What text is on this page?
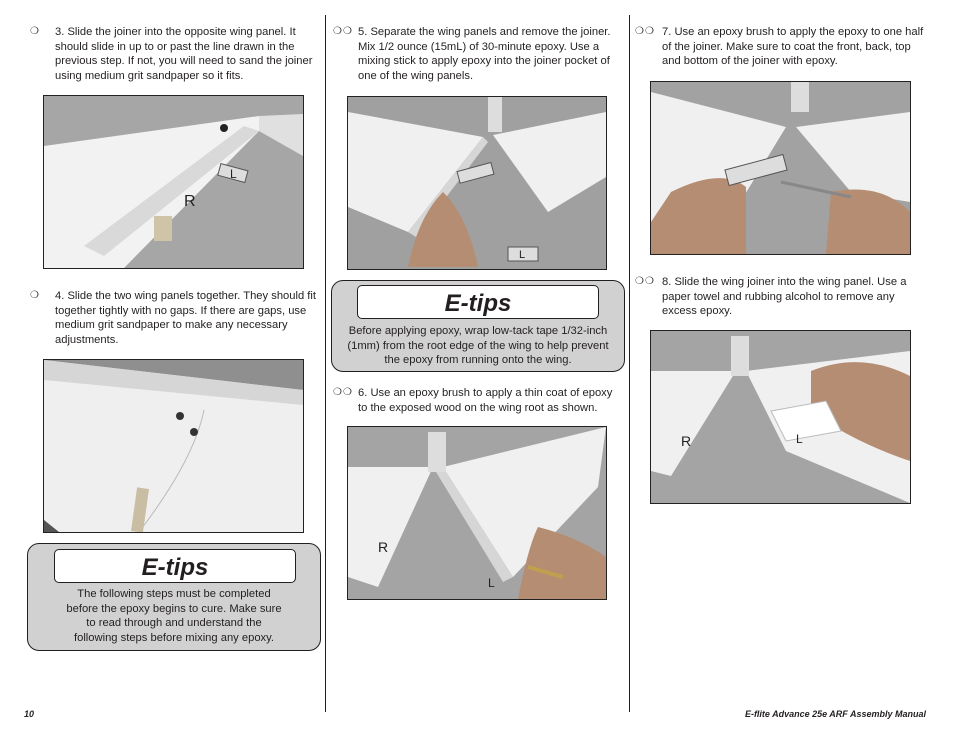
❍ 3. Slide the joiner into the opposite wing panel. It should slide in up to or past the line drawn in the previous step. If not, you will need to sand the joiner using medium grit sandpaper so it fits.
R
L
❍ 4. Slide the two wing panels together. They should fit together tightly with no gaps. If there are gaps, use medium grit sandpaper to make any necessary adjustments.
E-tips
The following steps must be completed before the epoxy begins to cure. Make sure to read through and understand the following steps before mixing any epoxy.
❍❍ 5. Separate the wing panels and remove the joiner. Mix 1/2 ounce (15mL) of 30-minute epoxy. Use a mixing stick to apply epoxy into the joiner pocket of one of the wing panels.
L
E-tips
Before applying epoxy, wrap low-tack tape 1/32-inch (1mm) from the root edge of the wing to help prevent the epoxy from running onto the wing.
❍❍ 6. Use an epoxy brush to apply a thin coat of epoxy to the exposed wood on the wing root as shown.
R
L
❍❍ 7. Use an epoxy brush to apply the epoxy to one half of the joiner. Make sure to coat the front, back, top and bottom of the joiner with epoxy.
❍❍ 8. Slide the wing joiner into the wing panel. Use a paper towel and rubbing alcohol to remove any excess epoxy.
R	L
10	E-flite Advance 25e ARF Assembly Manual
